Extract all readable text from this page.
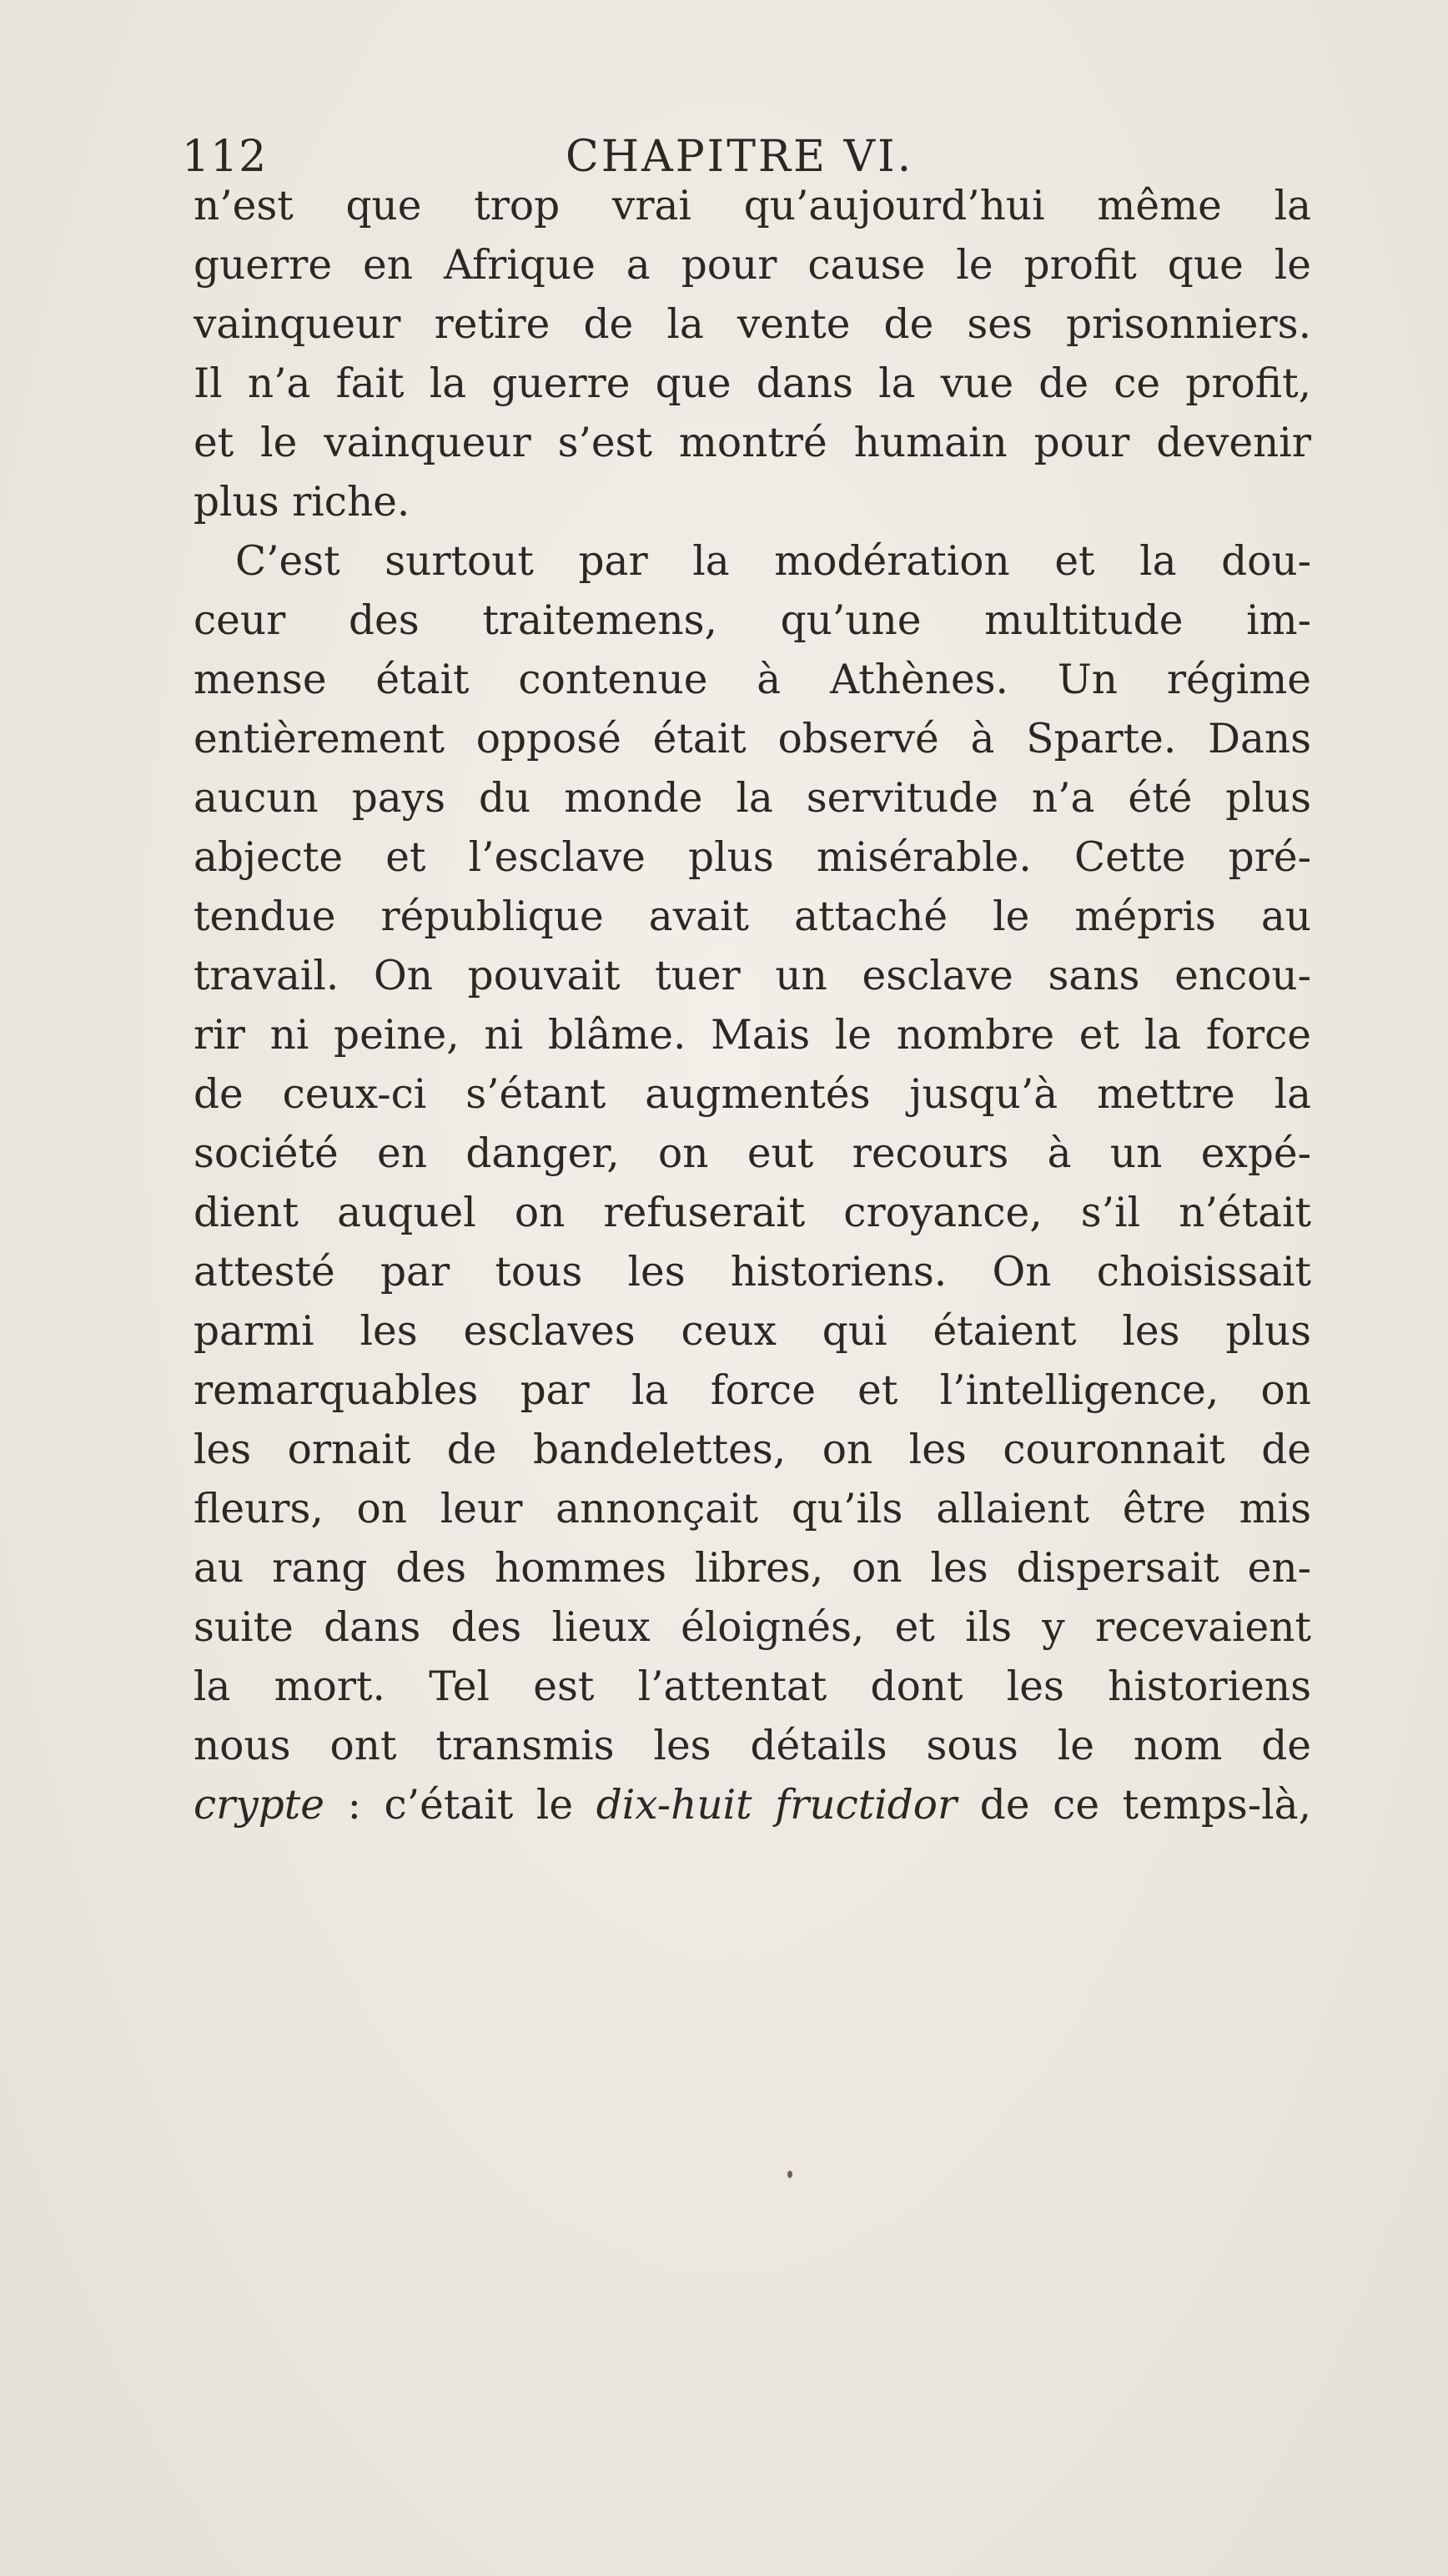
112	CHAPITRE VI.
n’est que trop vrai qu’aujourd’hui même la
guerre en Afrique a pour cause le profit que le
vainqueur retire de la vente de ses prisonniers.
Il n’a fait la guerre que dans la vue de ce profit,
et le vainqueur s’est montré humain pour devenir
plus riche.
C’est surtout par la modération et la dou-
ceur des traitemens, qu’une multitude im-
mense était contenue à Athènes. Un régime
entièrement opposé était observé à Sparte. Dans
aucun pays du monde la servitude n’a été plus
abjecte et l’esclave plus misérable. Cette pré-
tendue république avait attaché le mépris au
travail. On pouvait tuer un esclave sans encou-
rir ni peine, ni blâme. Mais le nombre et la force
de ceux-ci s’étant augmentés jusqu’à mettre la
société en danger, on eut recours à un expé-
dient auquel on refuserait croyance, s’il n’était
attesté par tous les historiens. On choisissait
parmi les esclaves ceux qui étaient les plus
remarquables par la force et l’intelligence, on
les ornait de bandelettes, on les couronnait de
fleurs, on leur annonçait qu’ils allaient être mis
au rang des hommes libres, on les dispersait en-
suite dans des lieux éloignés, et ils y recevaient
la mort. Tel est l’attentat dont les historiens
nous ont transmis les détails sous le nom de
crypte : c’était le dix-huit fructidor de ce temps-là,
